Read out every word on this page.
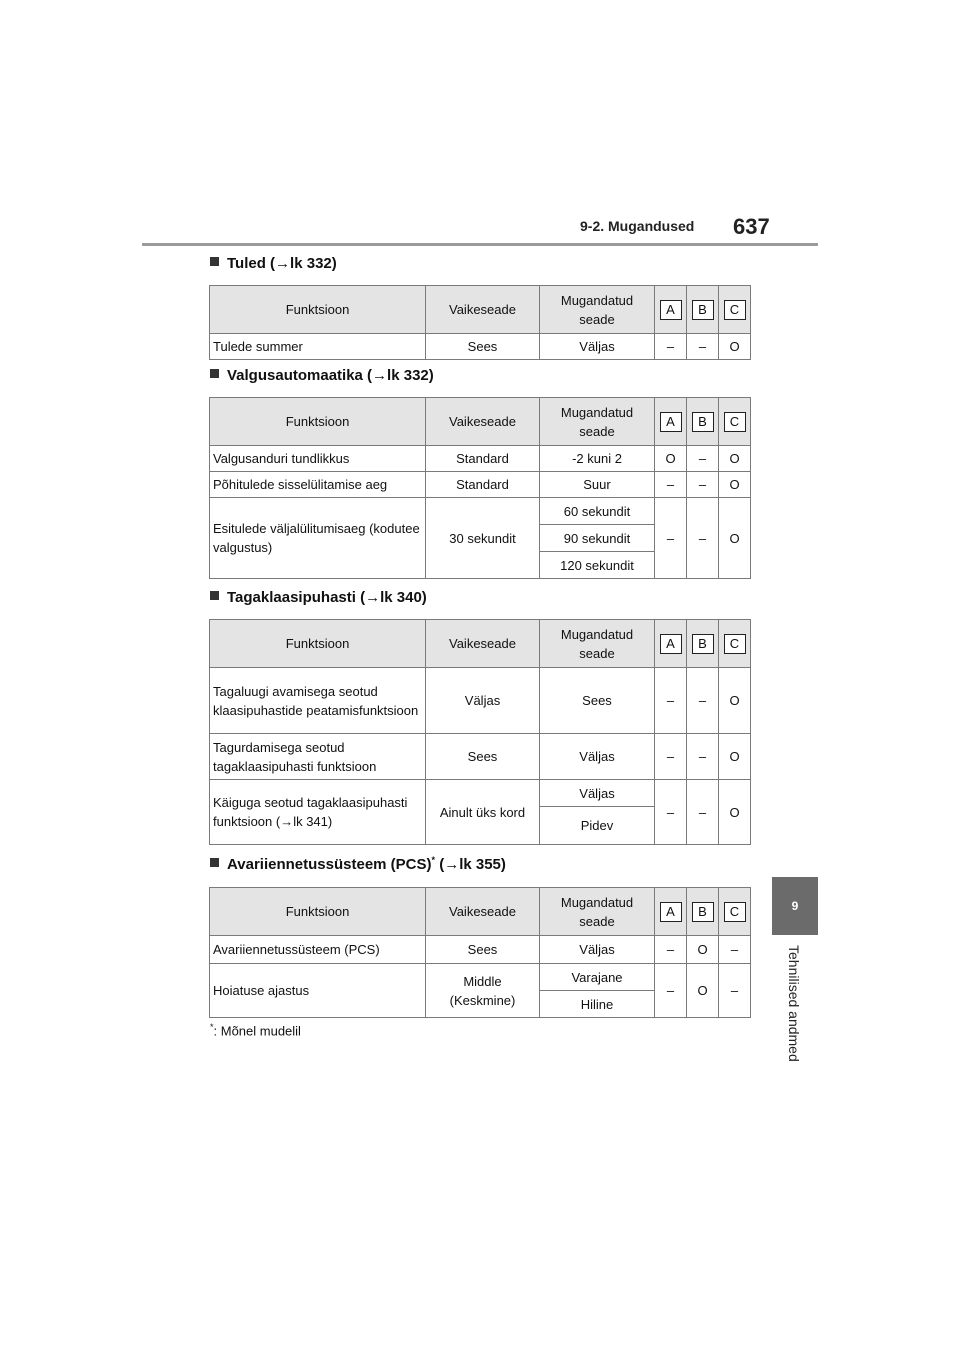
9-2. Mugandused 637
9
Tehnilised andmed
Tuled (→lk 332)
Funktsioon	Vaikeseade	Mugandatud seade	A	B	C
Tulede summer	Sees	Väljas	–	–	O
Valgusautomaatika (→lk 332)
Funktsioon	Vaikeseade	Mugandatud seade	A	B	C
Valgusanduri tundlikkus	Standard	-2 kuni 2	O	–	O
Põhitulede sisselülitamise aeg	Standard	Suur	–	–	O
Esitulede väljalülitumisaeg (kodutee valgustus)	30 sekundit	60 sekundit	–	–	O
		90 sekundit			
		120 sekundit			
Tagaklaasipuhasti (→lk 340)
Funktsioon	Vaikeseade	Mugandatud seade	A	B	C
Tagaluugi avamisega seotud klaasipuhastide peatamisfunktsioon	Väljas	Sees	–	–	O
Tagurdamisega seotud tagaklaasipuhasti funktsioon	Sees	Väljas	–	–	O
Käiguga seotud tagaklaasipuhasti funktsioon (→lk 341)	Ainult üks kord	Väljas	–	–	O
		Pidev			
Avariiennetussüsteem (PCS)* (→lk 355)
Funktsioon	Vaikeseade	Mugandatud seade	A	B	C
Avariiennetussüsteem (PCS)	Sees	Väljas	–	O	–
Hoiatuse ajastus	Middle (Keskmine)	Varajane	–	O	–
		Hiline			
*: Mõnel mudelil
